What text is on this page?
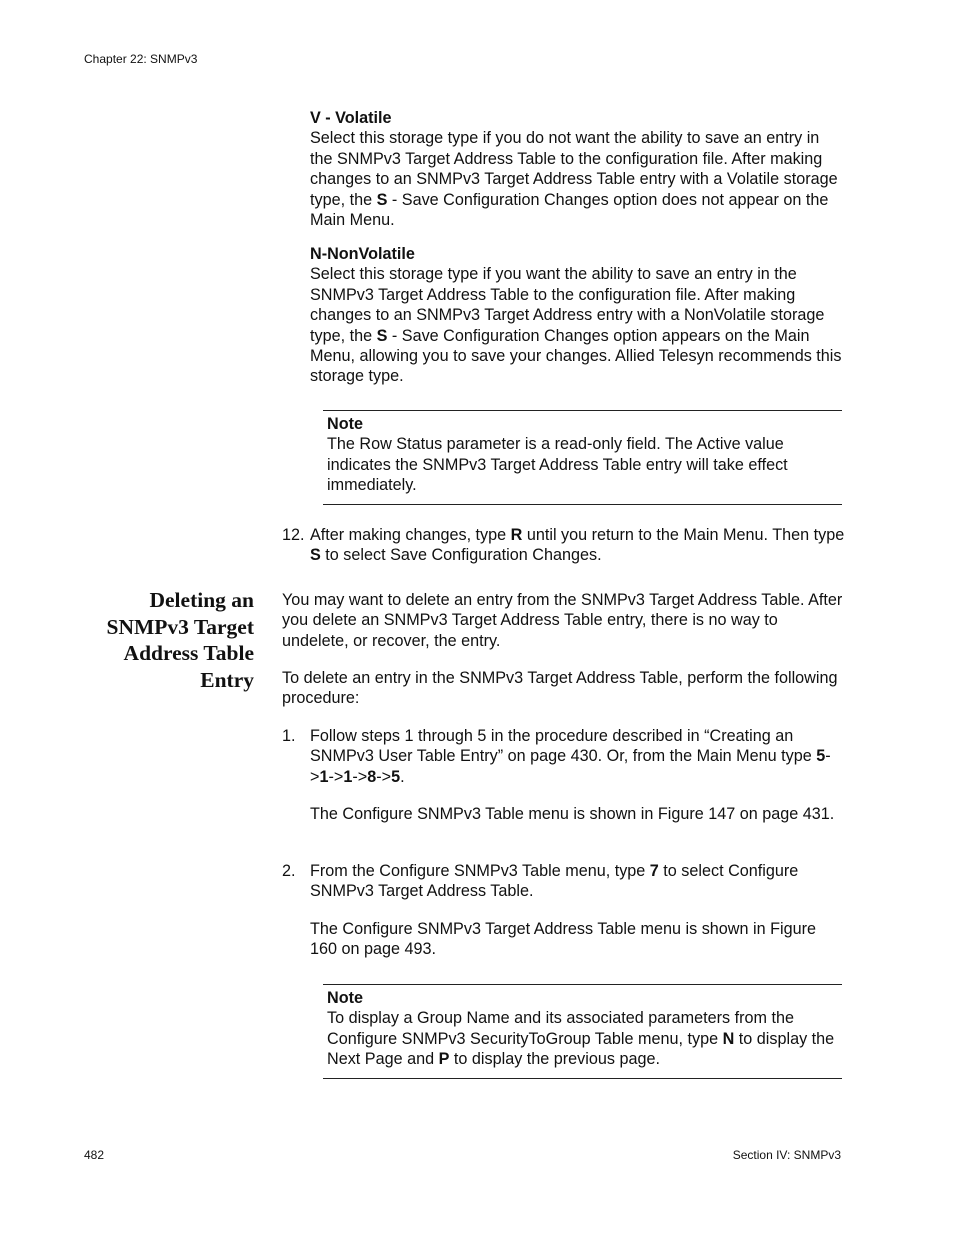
Chapter 22: SNMPv3

V - Volatile

Select this storage type if you do not want the ability to save an entry in the SNMPv3 Target Address Table to the configuration file. After making changes to an SNMPv3 Target Address Table entry with a Volatile storage type, the S - Save Configuration Changes option does not appear on the Main Menu.

N-NonVolatile

Select this storage type if you want the ability to save an entry in the SNMPv3 Target Address Table to the configuration file. After making changes to an SNMPv3 Target Address entry with a NonVolatile storage type, the S - Save Configuration Changes option appears on the Main Menu, allowing you to save your changes. Allied Telesyn recommends this storage type.

Note
The Row Status parameter is a read-only field. The Active value indicates the SNMPv3 Target Address Table entry will take effect immediately.
12. After making changes, type R until you return to the Main Menu. Then type S to select Save Configuration Changes.
Deleting an SNMPv3 Target Address Table Entry

You may want to delete an entry from the SNMPv3 Target Address Table. After you delete an SNMPv3 Target Address Table entry, there is no way to undelete, or recover, the entry.

To delete an entry in the SNMPv3 Target Address Table, perform the following procedure:

1. Follow steps 1 through 5 in the procedure described in “Creating an SNMPv3 User Table Entry” on page 430. Or, from the Main Menu type 5->1->1->8->5.

The Configure SNMPv3 Table menu is shown in Figure 147 on page 431.

2. From the Configure SNMPv3 Table menu, type 7 to select Configure SNMPv3 Target Address Table.

The Configure SNMPv3 Target Address Table menu is shown in Figure 160 on page 493.

Note
To display a Group Name and its associated parameters from the Configure SNMPv3 SecurityToGroup Table menu, type N to display the Next Page and P to display the previous page.
482	Section IV: SNMPv3
